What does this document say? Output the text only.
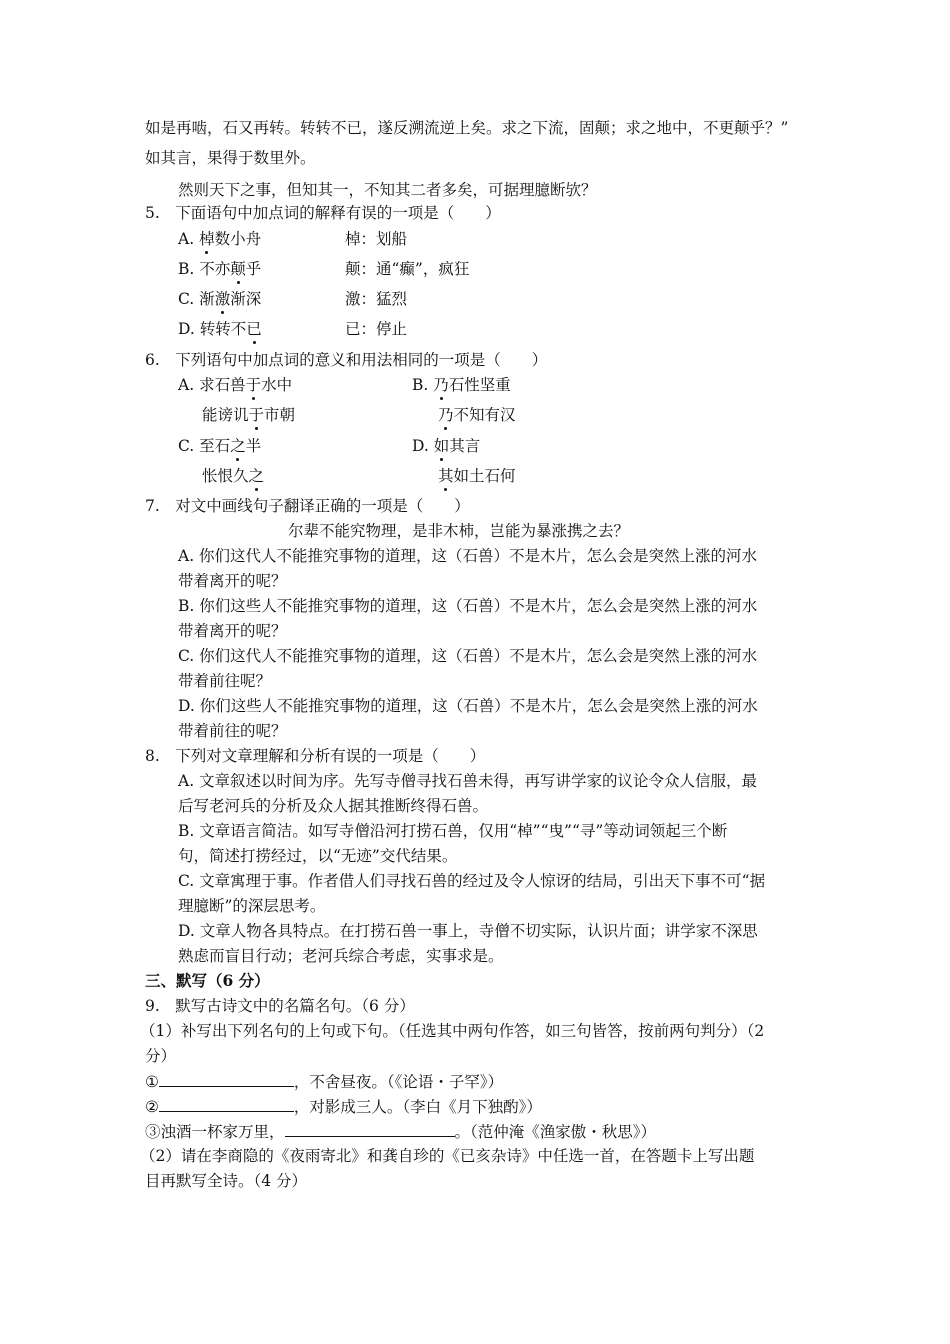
如是再啮，石又再转。转转不已，遂反溯流逆上矣。求之下流，固颠；求之地中，不更颠乎？”
如其言，果得于数里外。
然则天下之事，但知其一，不知其二者多矣，可据理臆断欤？
5.　下面语句中加点词的解释有误的一项是（　　）
A. 棹数小舟	棹：划船
B. 不亦颠乎	颠：通“癫”，疯狂
C. 渐激渐深	激：猛烈
D. 转转不已	已：停止
6.　下列语句中加点词的意义和用法相同的一项是（　　）
A. 求石兽于水中
能谤讥于市朝
B. 乃石性坚重
乃不知有汉
C. 至石之半
怅恨久之
D. 如其言
其如土石何
7.　对文中画线句子翻译正确的一项是（　　）
尔辈不能究物理，是非木杮，岂能为暴涨携之去？
A. 你们这代人不能推究事物的道理，这（石兽）不是木片，怎么会是突然上涨的河水
带着离开的呢？
B. 你们这些人不能推究事物的道理，这（石兽）不是木片，怎么会是突然上涨的河水
带着离开的呢？
C. 你们这代人不能推究事物的道理，这（石兽）不是木片，怎么会是突然上涨的河水
带着前往呢？
D. 你们这些人不能推究事物的道理，这（石兽）不是木片，怎么会是突然上涨的河水
带着前往的呢？
8.　下列对文章理解和分析有误的一项是（　　）
A. 文章叙述以时间为序。先写寺僧寻找石兽未得，再写讲学家的议论令众人信服，最
后写老河兵的分析及众人据其推断终得石兽。
B. 文章语言简洁。如写寺僧沿河打捞石兽，仅用“棹”“曳”“寻”等动词领起三个断
句，简述打捞经过，以“无迹”交代结果。
C. 文章寓理于事。作者借人们寻找石兽的经过及令人惊讶的结局，引出天下事不可“据
理臆断”的深层思考。
D. 文章人物各具特点。在打捞石兽一事上，寺僧不切实际，认识片面；讲学家不深思
熟虑而盲目行动；老河兵综合考虑，实事求是。
三、默写（6 分）
9.　默写古诗文中的名篇名句。（6 分）
（1）补写出下列名句的上句或下句。（任选其中两句作答，如三句皆答，按前两句判分）（2
分）
①	，不舍昼夜。（《论语・子罕》）
②	，对影成三人。（李白《月下独酌》）
③浊酒一杯家万里，	。（范仲淹《渔家傲・秋思》）
（2）请在李商隐的《夜雨寄北》和龚自珍的《已亥杂诗》中任选一首，在答题卡上写出题
目再默写全诗。（4 分）
